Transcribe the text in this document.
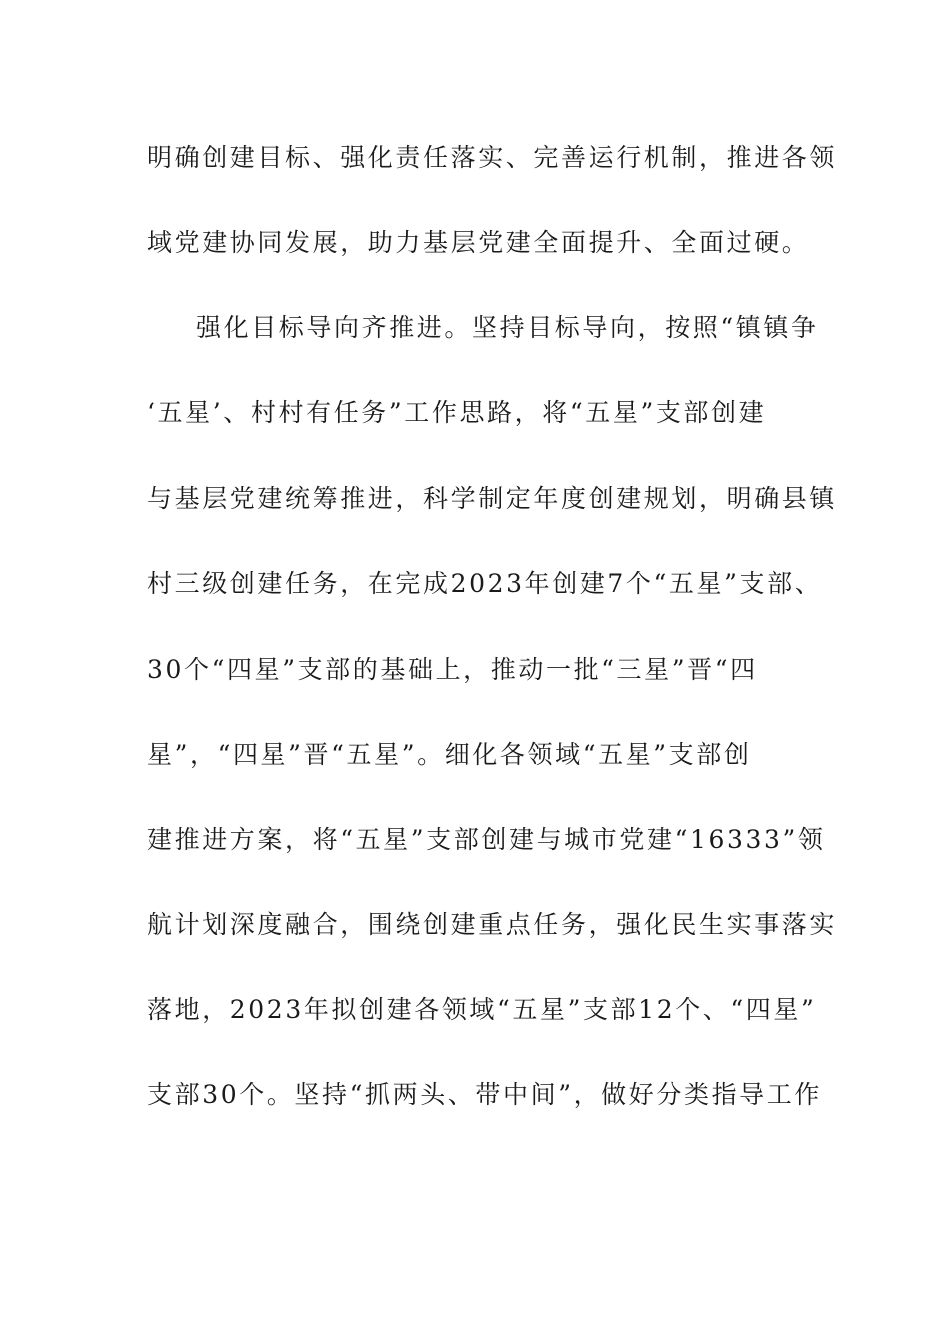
明确创建目标、强化责任落实、完善运行机制，推进各领
域党建协同发展，助力基层党建全面提升、全面过硬。
强化目标导向齐推进。坚持目标导向，按照“镇镇争
‘五星’、村村有任务”工作思路，将“五星”支部创建
与基层党建统筹推进，科学制定年度创建规划，明确县镇
村三级创建任务，在完成2023年创建7个“五星”支部、
30个“四星”支部的基础上，推动一批“三星”晋“四
星”，“四星”晋“五星”。细化各领域“五星”支部创
建推进方案，将“五星”支部创建与城市党建“16333”领
航计划深度融合，围绕创建重点任务，强化民生实事落实
落地，2023年拟创建各领域“五星”支部12个、“四星”
支部30个。坚持“抓两头、带中间”，做好分类指导工作
